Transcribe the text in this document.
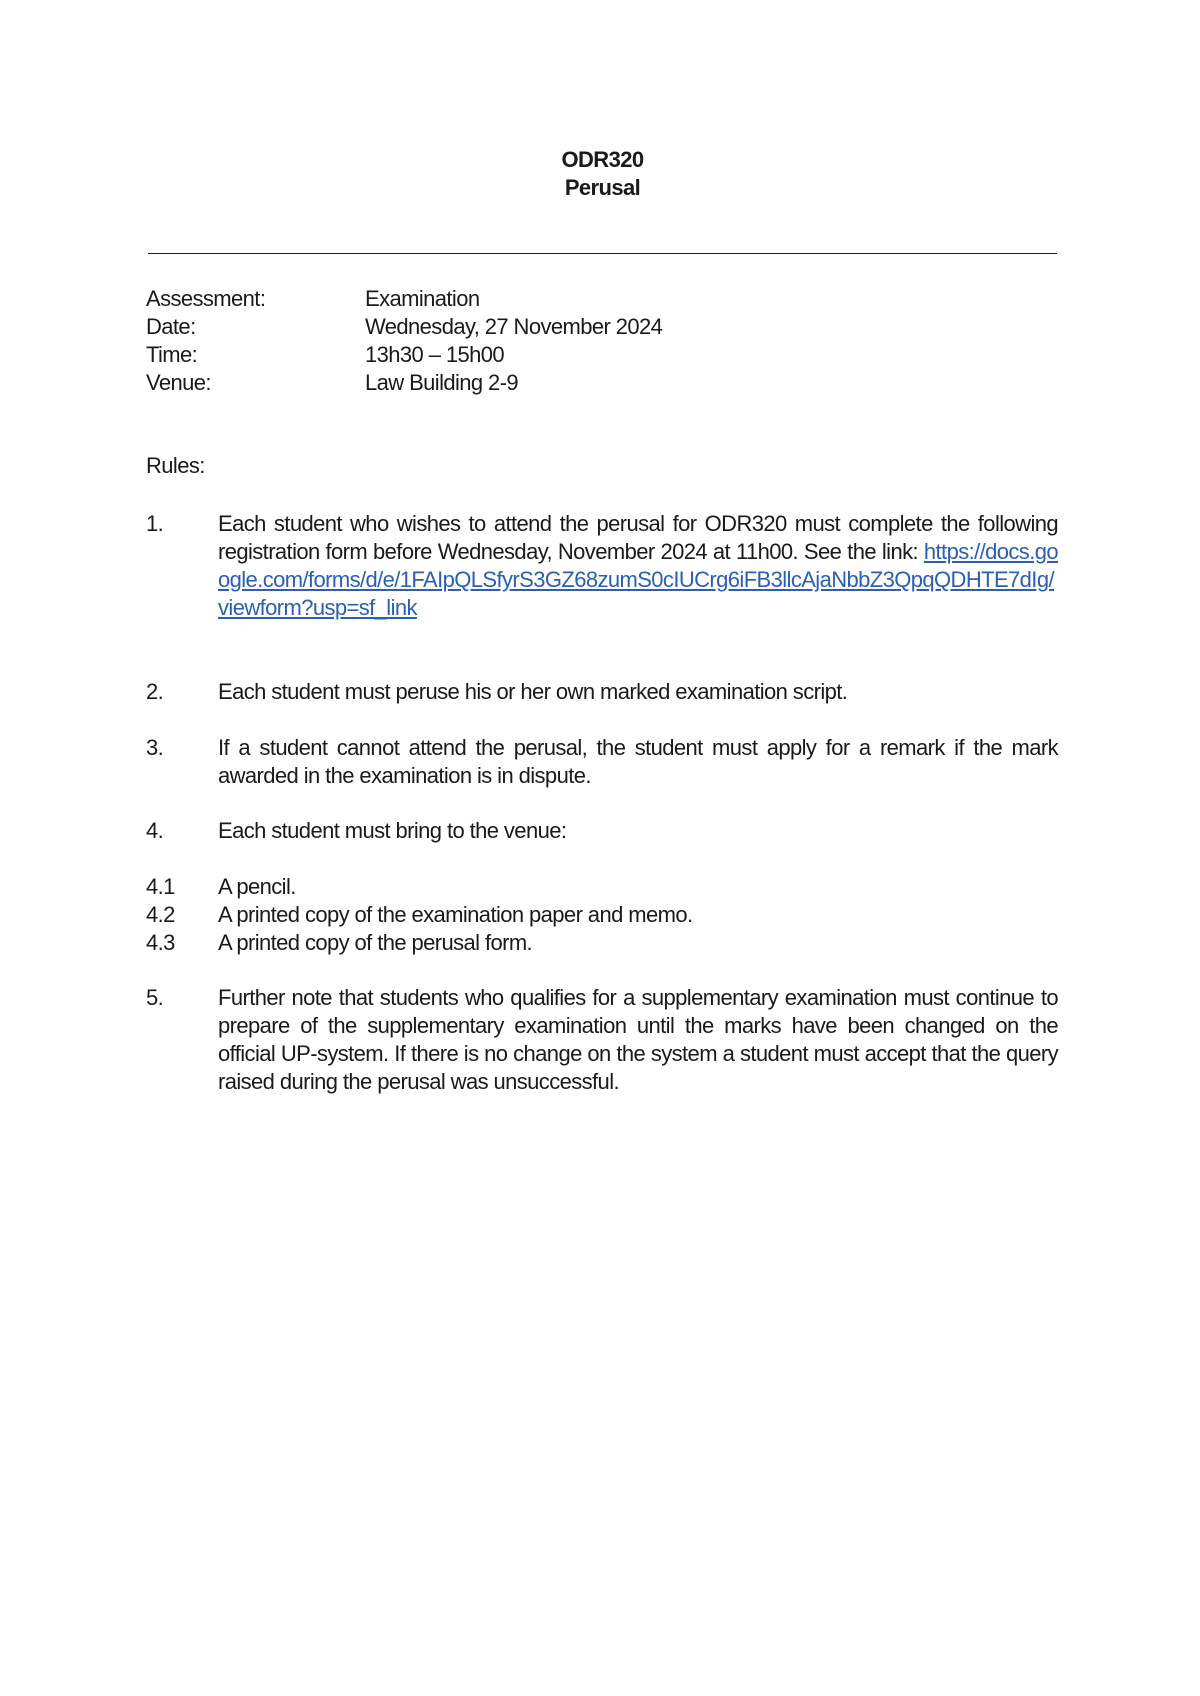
ODR320
Perusal
Assessment:	Examination
Date:	Wednesday, 27 November 2024
Time:	13h30 – 15h00
Venue:	Law Building 2-9
Rules:
1. Each student who wishes to attend the perusal for ODR320 must complete the following registration form before Wednesday, November 2024 at 11h00. See the link: https://docs.google.com/forms/d/e/1FAIpQLSfyrS3GZ68zumS0cIUCrg6iFB3llcAjaNbbZ3QpqQDHTE7dIg/viewform?usp=sf_link
2. Each student must peruse his or her own marked examination script.
3. If a student cannot attend the perusal, the student must apply for a remark if the mark awarded in the examination is in dispute.
4. Each student must bring to the venue:
4.1 A pencil.
4.2 A printed copy of the examination paper and memo.
4.3 A printed copy of the perusal form.
5. Further note that students who qualifies for a supplementary examination must continue to prepare of the supplementary examination until the marks have been changed on the official UP-system. If there is no change on the system a student must accept that the query raised during the perusal was unsuccessful.
